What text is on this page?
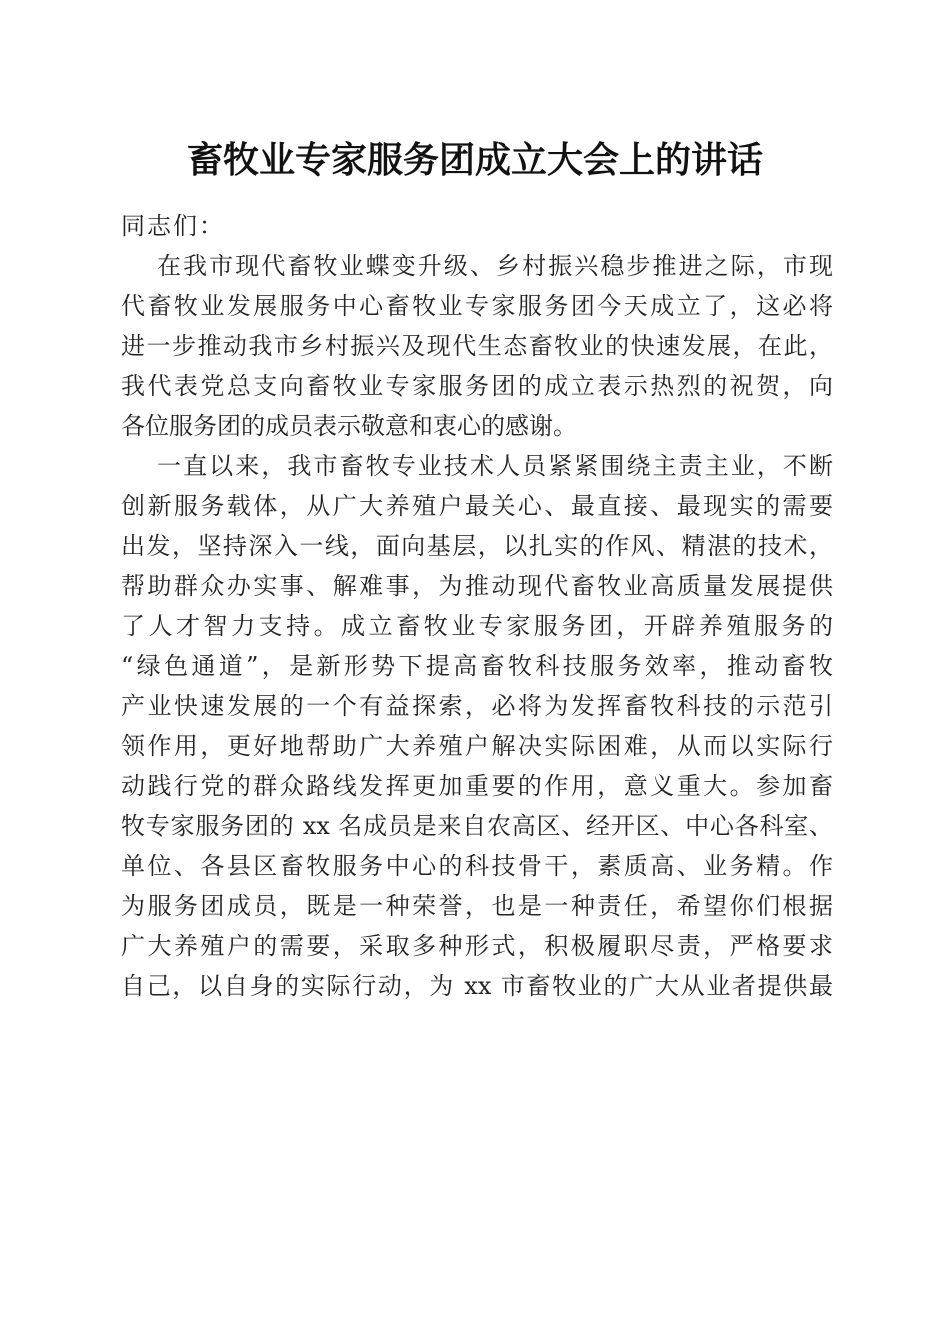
畜牧业专家服务团成立大会上的讲话
同志们：
在我市现代畜牧业蝶变升级、乡村振兴稳步推进之际，市现
代畜牧业发展服务中心畜牧业专家服务团今天成立了，这必将
进一步推动我市乡村振兴及现代生态畜牧业的快速发展，在此，
我代表党总支向畜牧业专家服务团的成立表示热烈的祝贺，向
各位服务团的成员表示敬意和衷心的感谢。
一直以来，我市畜牧专业技术人员紧紧围绕主责主业，不断
创新服务载体，从广大养殖户最关心、最直接、最现实的需要
出发，坚持深入一线，面向基层，以扎实的作风、精湛的技术，
帮助群众办实事、解难事，为推动现代畜牧业高质量发展提供
了人才智力支持。成立畜牧业专家服务团，开辟养殖服务的
“绿色通道”，是新形势下提高畜牧科技服务效率，推动畜牧
产业快速发展的一个有益探索，必将为发挥畜牧科技的示范引
领作用，更好地帮助广大养殖户解决实际困难，从而以实际行
动践行党的群众路线发挥更加重要的作用，意义重大。参加畜
牧专家服务团的 xx 名成员是来自农高区、经开区、中心各科室、
单位、各县区畜牧服务中心的科技骨干，素质高、业务精。作
为服务团成员，既是一种荣誉，也是一种责任，希望你们根据
广大养殖户的需要，采取多种形式，积极履职尽责，严格要求
自己，以自身的实际行动，为 xx 市畜牧业的广大从业者提供最
